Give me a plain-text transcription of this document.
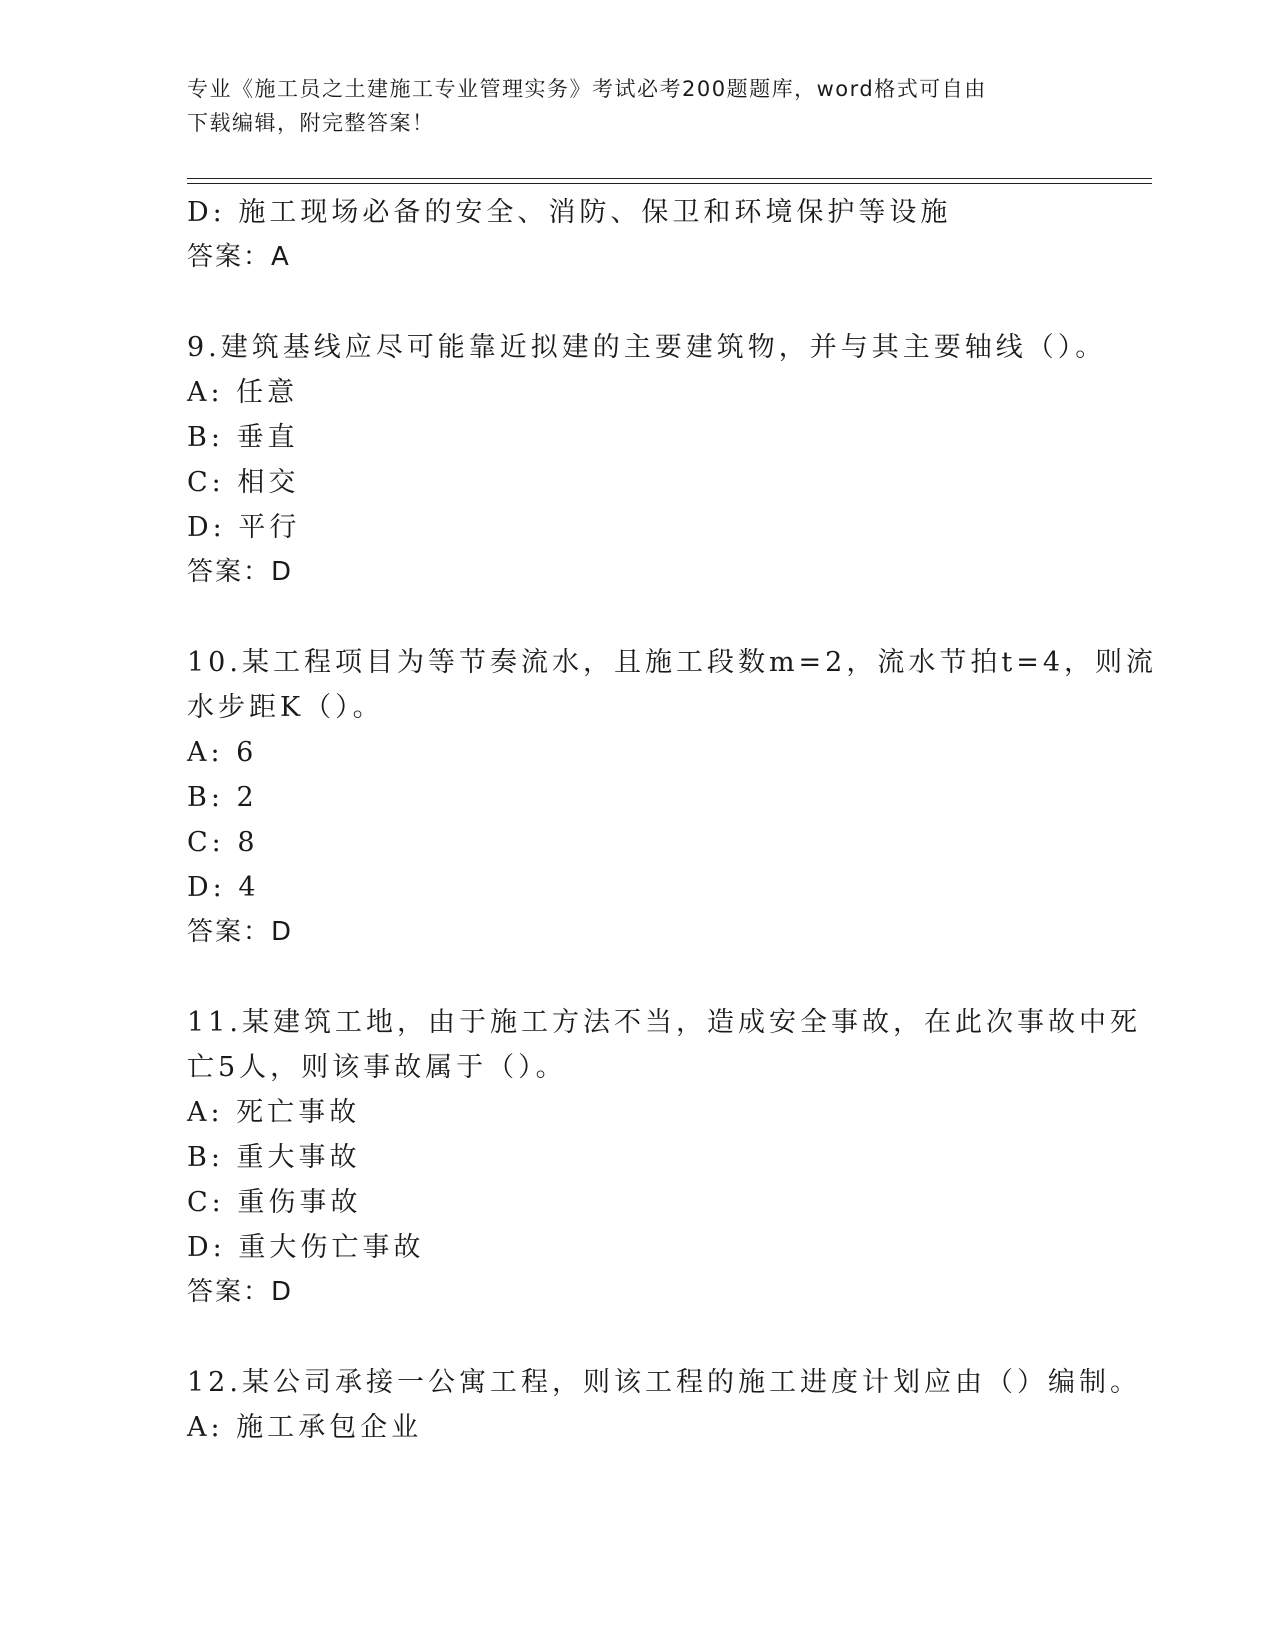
专业《施工员之土建施工专业管理实务》考试必考200题题库，word格式可自由
下载编辑，附完整答案！
D: 施工现场必备的安全、消防、保卫和环境保护等设施
答案：A
9.建筑基线应尽可能靠近拟建的主要建筑物，并与其主要轴线（）。
A: 任意
B: 垂直
C: 相交
D: 平行
答案：D
10.某工程项目为等节奏流水，且施工段数m=2，流水节拍t=4，则流
水步距K（）。
A: 6
B: 2
C: 8
D: 4
答案：D
11.某建筑工地，由于施工方法不当，造成安全事故，在此次事故中死
亡5人，则该事故属于（）。
A: 死亡事故
B: 重大事故
C: 重伤事故
D: 重大伤亡事故
答案：D
12.某公司承接一公寓工程，则该工程的施工进度计划应由（）编制。
A: 施工承包企业
